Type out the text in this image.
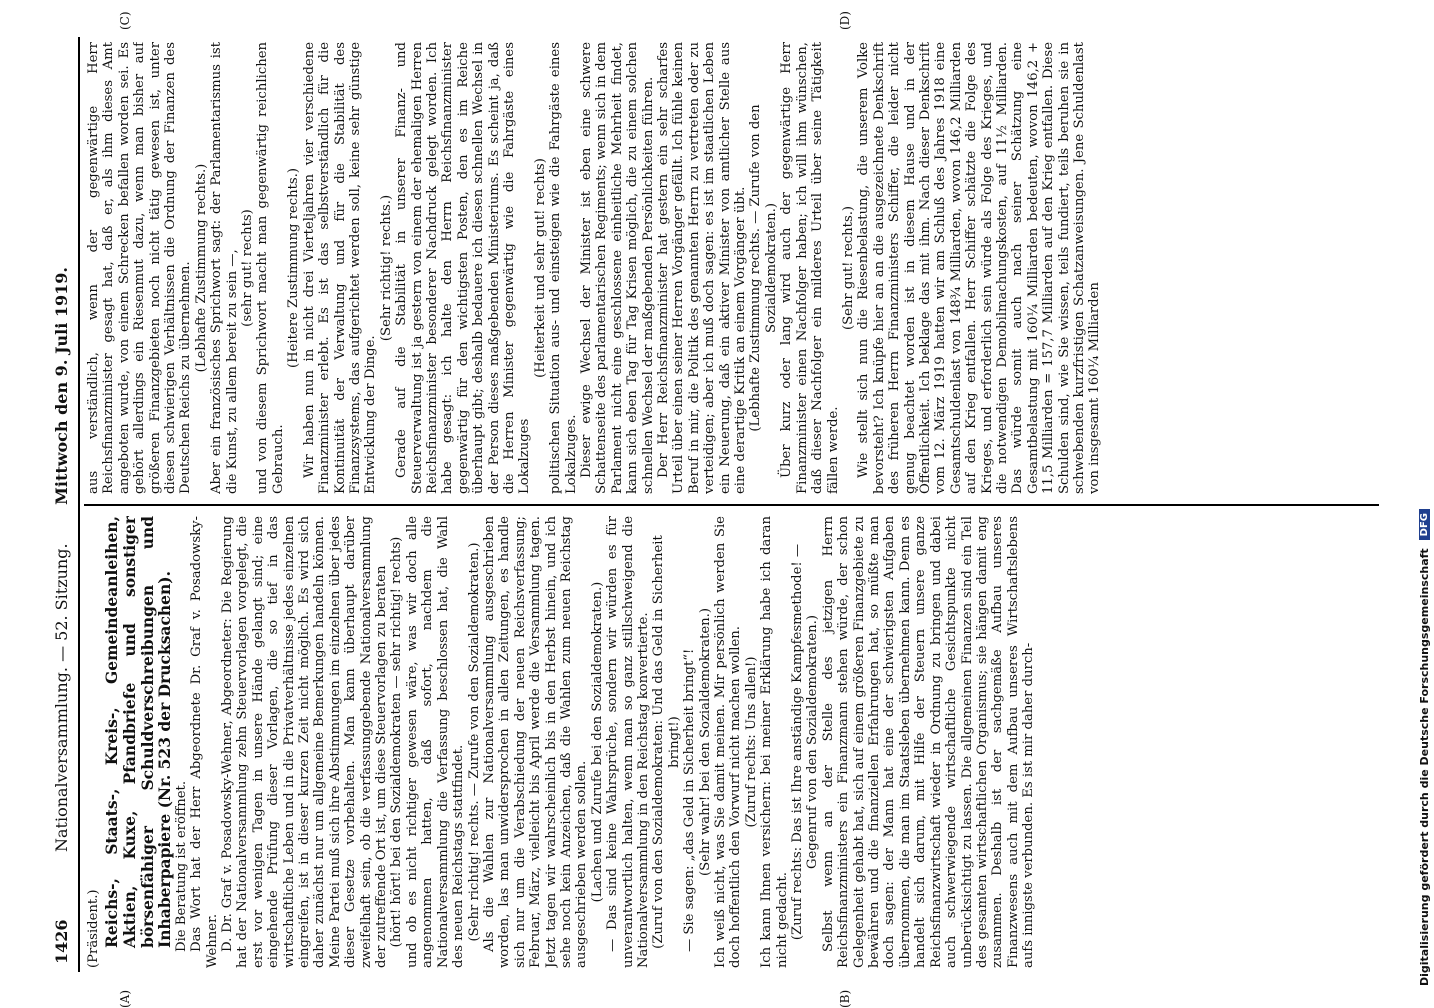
1426
Nationalversammlung. — 52. Sitzung.
Mittwoch den 9. Juli 1919.
(A)	(B)
(C)	(D)

(Präsident.) Reichs-, Staats-, Kreis-, Gemeindeanleihen, Aktien, Kuxe, Pfandbriefe und sonstiger börsenfähiger Schuldverschreibungen und Inhaberpapiere (Nr. 523 der Drucksachen). Die Beratung ist eröffnet. Das Wort hat der Herr Abgeordnete Dr. Graf v. Posadowsky-Wehner. D. Dr. Graf v. Posadowsky-Wehner, Abgeordneter: Die Regierung hat der Nationalversammlung zehn Steuervorlagen vorgelegt, die erst vor wenigen Tagen in unsere Hände gelangt sind; eine eingehende Prüfung dieser Vorlagen, die so tief in das wirtschaftliche Leben und in die Privatverhältnisse jedes einzelnen eingreifen, ist in dieser kurzen Zeit nicht möglich. Es wird sich daher zunächst nur um allgemeine Bemerkungen handeln können. Meine Partei muß sich ihre Abstimmungen im einzelnen über jedes dieser Gesetze vorbehalten. Man kann überhaupt darüber zweifelhaft sein, ob die verfassunggebende Nationalversammlung der zutreffende Ort ist, um diese Steuervorlagen zu beraten (hört! hört! bei den Sozialdemokraten — sehr richtig! rechts) und ob es nicht richtiger gewesen wäre, was wir doch alle angenommen hatten, daß sofort, nachdem die Nationalversammlung die Verfassung beschlossen hat, die Wahl des neuen Reichstags stattfindet. (Sehr richtig! rechts. — Zurufe von den Sozialdemokraten.) Als die Wahlen zur Nationalversammlung ausgeschrieben worden, las man unwidersprochen in allen Zeitungen, es handle sich nur um die Verabschiedung der neuen Reichsverfassung; Februar, März, vielleicht bis April werde die Versammlung tagen. Jetzt tagen wir wahrscheinlich bis in den Herbst hinein, und ich sehe noch kein Anzeichen, daß die Wahlen zum neuen Reichstag ausgeschrieben werden sollen. (Lachen und Zurufe bei den Sozialdemokraten.) — Das sind keine Wahrsprüche, sondern wir würden es für unverantwortlich halten, wenn man so ganz stillschweigend die Nationalversammlung in den Reichstag konvertierte. (Zuruf von den Sozialdemokraten: Und das Geld in Sicherheit bringt!) — Sie sagen: „das Geld in Sicherheit bringt“! (Sehr wahr! bei den Sozialdemokraten.) Ich weiß nicht, was Sie damit meinen. Mir persönlich werden Sie doch hoffentlich den Vorwurf nicht machen wollen. (Zuruf rechts: Uns allen!) Ich kann Ihnen versichern: bei meiner Erklärung habe ich daran nicht gedacht. (Zuruf rechts: Das ist Ihre anständige Kampfesmethode! — Gegenruf von den Sozialdemokraten.) Selbst wenn an der Stelle des jetzigen Herrn Reichsfinanzministers ein Finanzmann stehen würde, der schon Gelegenheit gehabt hat, sich auf einem größeren Finanzgebiete zu bewähren und die finanziellen Erfahrungen hat, so müßte man doch sagen: der Mann hat eine der schwierigsten Aufgaben übernommen, die man im Staatsleben übernehmen kann. Denn es handelt sich darum, mit Hilfe der Steuern unsere ganze Reichsfinanzwirtschaft wieder in Ordnung zu bringen und dabei auch schwerwiegende wirtschaftliche Gesichtspunkte nicht unberücksichtigt zu lassen. Die allgemeinen Finanzen sind ein Teil des gesamten wirtschaftlichen Organismus; sie hängen damit eng zusammen. Deshalb ist der sachgemäße Aufbau unseres Finanzwesens auch mit dem Aufbau unseres Wirtschaftslebens aufs innigste verbunden. Es ist mir daher durch-

aus verständlich, wenn der gegenwärtige Herr Reichsfinanzminister gesagt hat, daß er, als ihm dieses Amt angeboten wurde, von einem Schrecken befallen worden sei. Es gehört allerdings ein Riesenmut dazu, wenn man bisher auf größeren Finanzgebieten noch nicht tätig gewesen ist, unter diesen schwierigen Verhältnissen die Ordnung der Finanzen des Deutschen Reichs zu übernehmen. (Lebhafte Zustimmung rechts.) Aber ein französisches Sprichwort sagt: der Parlamentarismus ist die Kunst, zu allem bereit zu sein —, (sehr gut! rechts) und von diesem Sprichwort macht man gegenwärtig reichlichen Gebrauch.

(Heitere Zustimmung rechts.) Wir haben nun in nicht drei Vierteljahren vier verschiedene Finanzminister erlebt. Es ist das selbstverständlich für die Kontinuität der Verwaltung und für die Stabilität des Finanzsystems, das aufgerichtet werden soll, keine sehr günstige Entwicklung der Dinge.

(Sehr richtig! rechts.) Gerade auf die Stabilität in unserer Finanz- und Steuerverwaltung ist ja gestern von einem der ehemaligen Herren Reichsfinanzminister besonderer Nachdruck gelegt worden. Ich habe gesagt: ich halte den Herrn Reichsfinanzminister gegenwärtig für den wichtigsten Posten, den es im Reiche überhaupt gibt; deshalb bedauere ich diesen schnellen Wechsel in der Person dieses maßgebenden Ministeriums. Es scheint ja, daß die Herren Minister gegenwärtig wie die Fahrgäste eines Lokalzuges

(Heiterkeit und sehr gut! rechts) politischen Situation aus- und einsteigen wie die Fahrgäste eines Lokalzuges. Dieser ewige Wechsel der Minister ist eben eine schwere Schattenseite des parlamentarischen Regiments; wenn sich in dem Parlament nicht eine geschlossene einheitliche Mehrheit findet, kann sich eben Tag für Tag Krisen möglich, die zu einem solchen schnellen Wechsel der maßgebenden Persönlichkeiten führen. Der Herr Reichsfinanzminister hat gestern ein sehr scharfes Urteil über einen seiner Herren Vorgänger gefällt. Ich fühle keinen Beruf in mir, die Politik des genannten Herrn zu vertreten oder zu verteidigen; aber ich muß doch sagen: es ist im staatlichen Leben ein Neuerung, daß ein aktiver Minister von amtlicher Stelle aus eine derartige Kritik an einem Vorgänger übt. (Lebhafte Zustimmung rechts. — Zurufe von den Sozialdemokraten.) Über kurz oder lang wird auch der gegenwärtige Herr Finanzminister einen Nachfolger haben; ich will ihm wünschen, daß dieser Nachfolger ein milderes Urteil über seine Tätigkeit fällen werde.

(Sehr gut! rechts.) Wie stellt sich nun die Riesenbelastung, die unserem Volke bevorsteht? Ich knüpfe hier an an die ausgezeichnete Denkschrift des früheren Herrn Finanzministers Schiffer, die leider nicht genug beachtet worden ist in diesem Hause und in der Öffentlichkeit. Ich beklage das mit ihm. Nach dieser Denkschrift vom 12. März 1919 hatten wir am Schluß des Jahres 1918 eine Gesamtschuldenlast von 148¾ Milliarden, wovon 146,2 Milliarden auf den Krieg entfallen. Herr Schiffer schätzte die Folge des Krieges, und erforderlich sein würde als Folge des Krieges, und die notwendigen Demobilmachungskosten, auf 11½ Milliarden. Das würde somit auch nach seiner Schätzung eine Gesamtbelastung mit 160¼ Milliarden bedeuten, wovon 146,2 + 11,5 Milliarden = 157,7 Milliarden auf den Krieg entfallen. Diese Schulden sind, wie Sie wissen, teils fundiert, teils beruhen sie in schwebenden kurzfristigen Schatzanweisungen. Jene Schuldenlast von insgesamt 160¼ Milliarden

Digitalisierung gefördert durch die Deutsche Forschungsgemeinschaft
DFG
